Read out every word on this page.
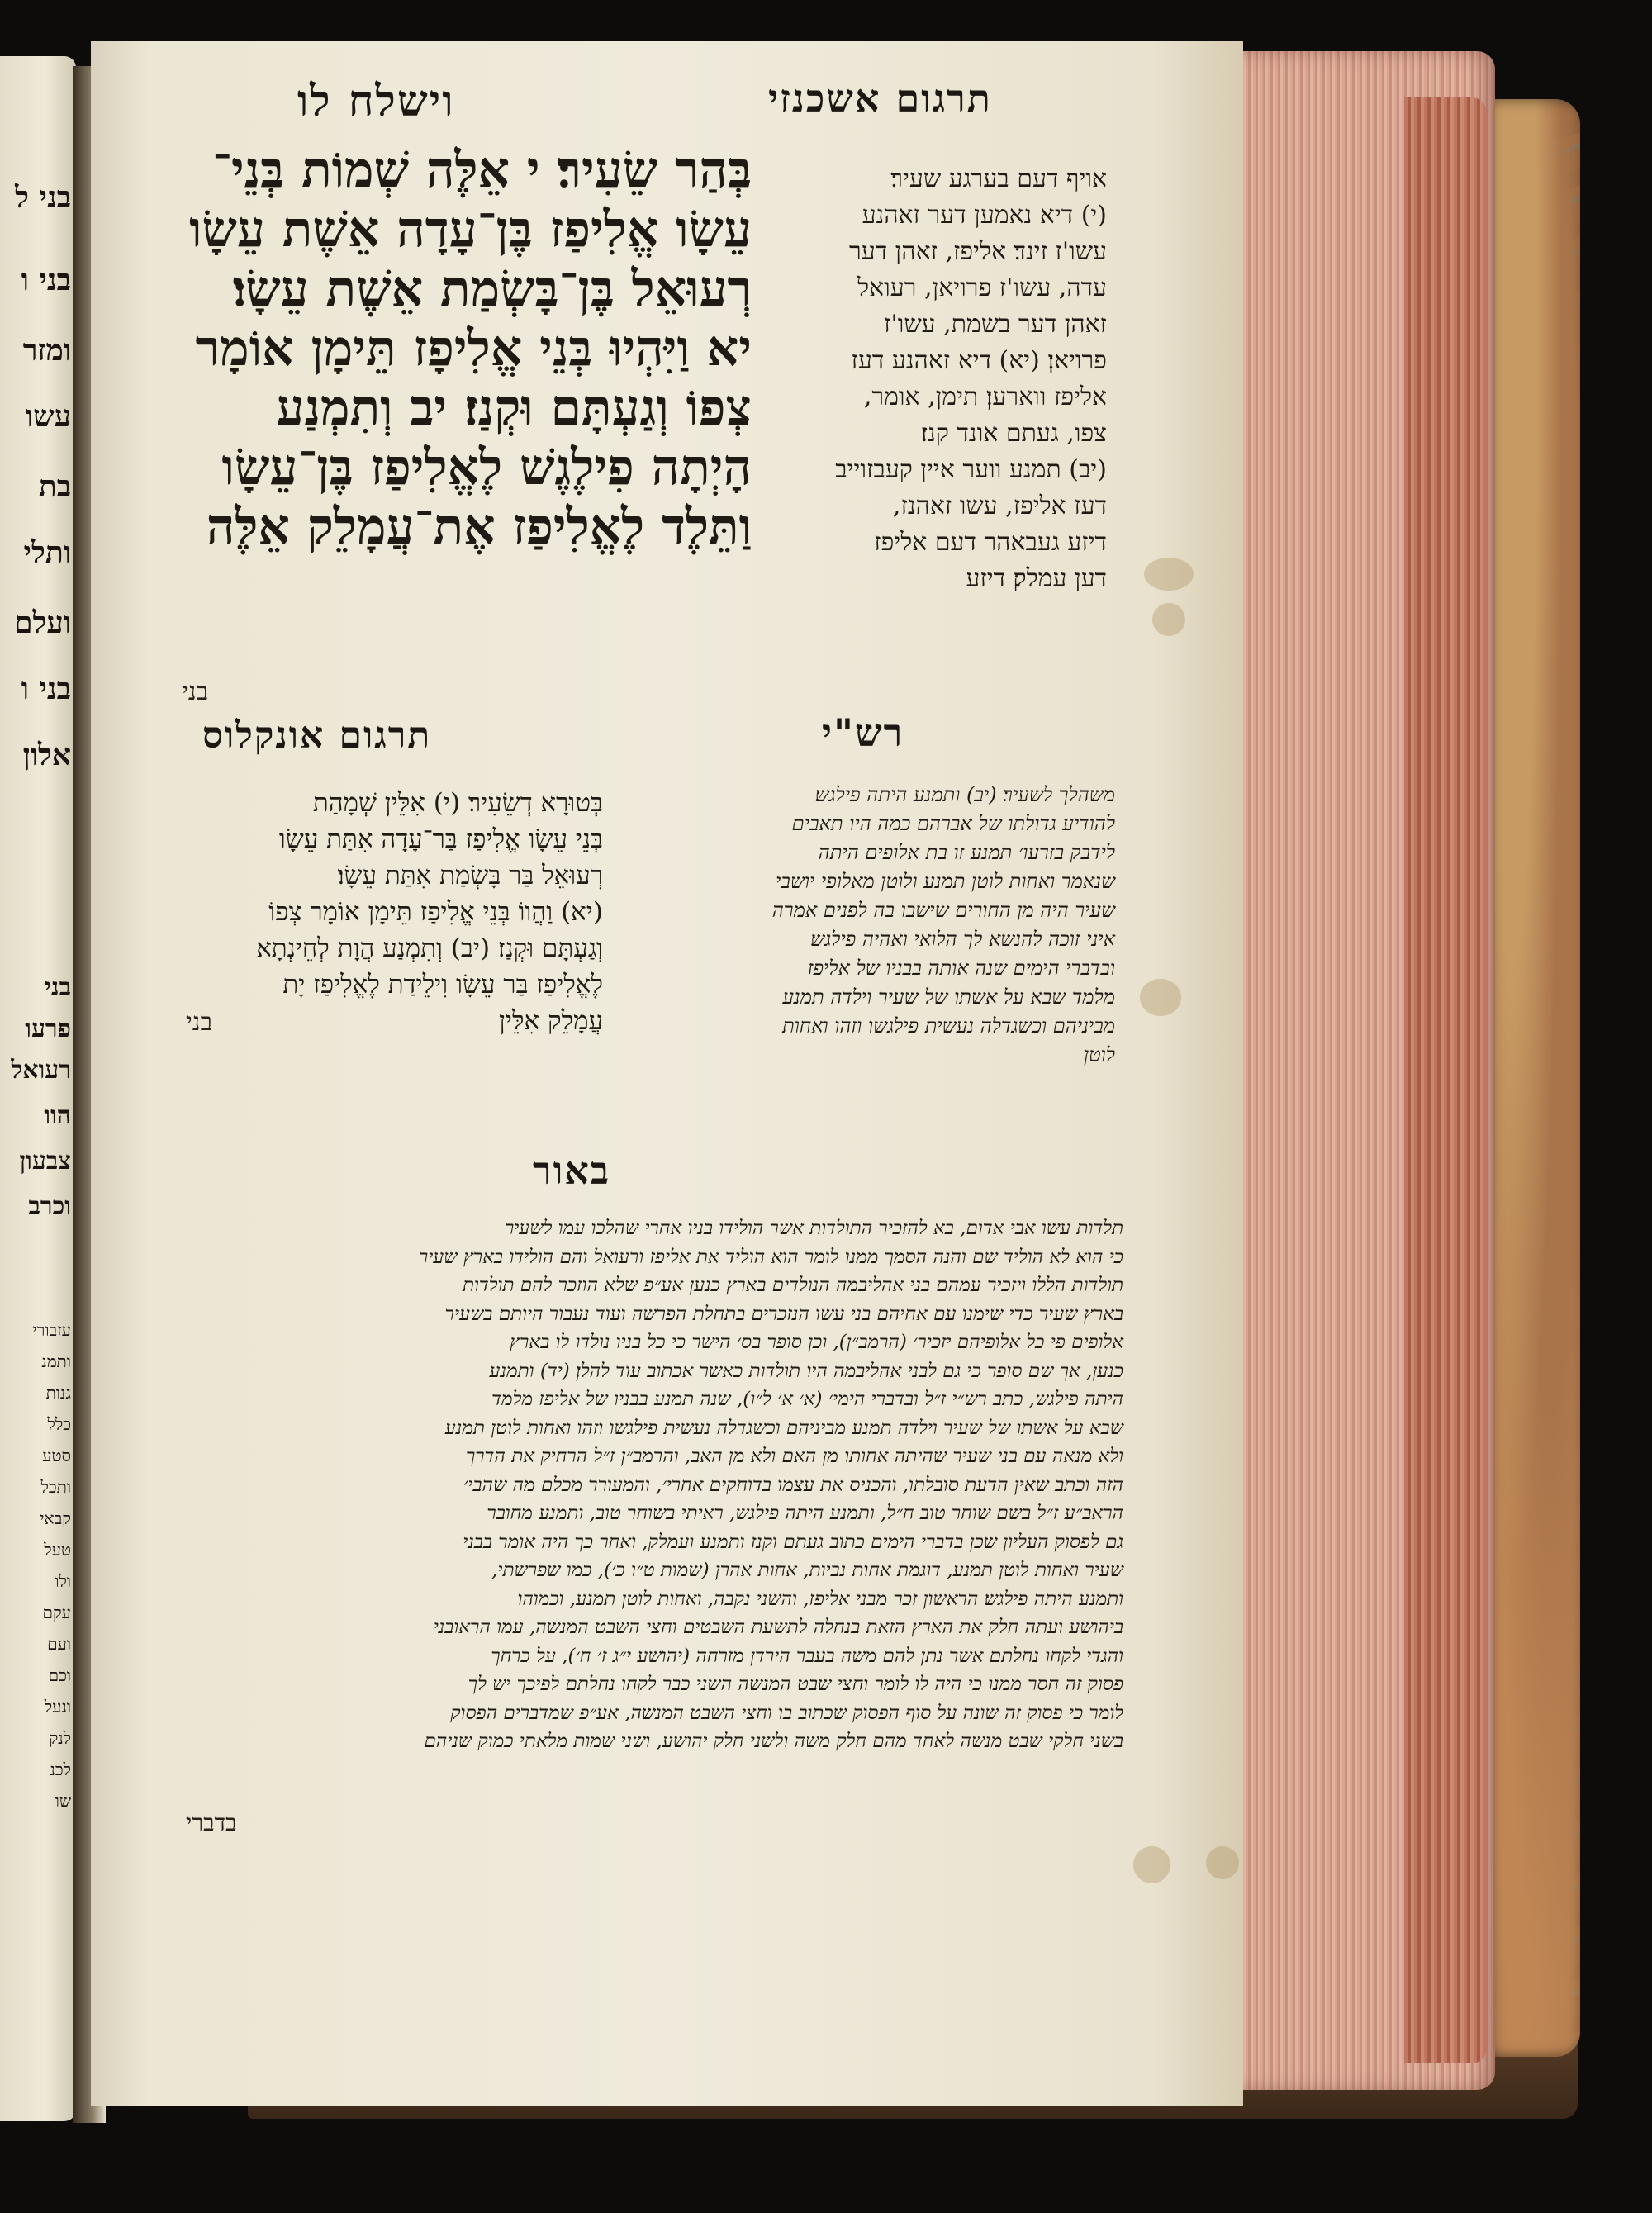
בני ל
בני ו
ומזר
עשו
בת
ותלי
ועלם
בני ו
אלון
בני
פרעו
רעואל
הוו
צבעון
וכרב
עזבורי
ותמנ
גנות
כלל
סטע
ותכל
קבאי
טעל
ולו
עקם
ועם
וכם
ונעל
לנק
לכנ
שו
וישלח לו	תרגום אשכנזי
בְּהַר שֵׂעִיר׃ י אֵלֶּה שְׁמוֹת בְּנֵי־
עֵשָׂו אֱלִיפַז בֶּן־עָדָה אֵשֶׁת עֵשָׂו
רְעוּאֵל בֶּן־בָּשְׂמַת אֵשֶׁת עֵשָׂו׃
יא וַיִּהְיוּ בְּנֵי אֱלִיפָז תֵּימָן אוֹמָר
צְפוֹ וְגַעְתָּם וּקְנַז׃ יב וְתִמְנַע
הָיְתָה פִילֶגֶשׁ לֶאֱלִיפַז בֶּן־עֵשָׂו
וַתֵּלֶד לֶאֱלִיפַז אֶת־עֲמָלֵק אֵלֶּה
בני
אויף דעם בערגע שעיר׃
(י) דיא נאמען דער זאהנע
עשו'ז זינד׃ אליפז, זאהן דער
עדה, עשו'ז פרויאן, רעואל
זאהן דער בשמת, עשו'ז
פרויאן׃ (יא) דיא זאהנע דעז
אליפז ווארען׃ תימן, אומר,
צפו, געתם אונד קנז׃
(יב) תמנע ווער איין קעבזוייב
דעז אליפז, עשו זאהנז,
דיזע געבאהר דעם אליפז
דען עמלק׃ דיזע
רש"י
משהלך לשעיר׃ (יב) ותמנע היתה פילגש׃
להודיע גדולתו של אברהם כמה היו תאבים
לידבק בזרעו׳ תמנע זו בת אלופים היתה
שנאמר ואחות לוטן תמנע ולוטן מאלופי יושבי
שעיר היה מן החורים שישבו בה לפנים אמרה
איני זוכה להנשא לך הלואי ואהיה פילגש׃
ובדברי הימים שנה אותה בבניו של אליפז
מלמד שבא על אשתו של שעיר וילדה תמנע
מביניהם וכשגדלה נעשית פילגשו וזהו ואחות
לוטן
תרגום אונקלוס
בְּטוּרָא דְשֵׂעִיר׃ (י) אִלֵּין שְׁמָהַת
בְּנֵי עֵשָׂו אֱלִיפַז בַּר־עָדָה אִתַּת עֵשָׂו
רְעוּאֵל בַּר בָּשְׂמַת אִתַּת עֵשָׂו׃
(יא) וַהֲווֹ בְּנֵי אֱלִיפַז תֵּימָן אוֹמָר צְפוֹ
וְגַעְתָּם וּקְנַז׃ (יב) וְתִמְנַע הֲוָת לְחֵינְתָא
לֶאֱלִיפַז בַּר עֵשָׂו וִילֵידַת לֶאֱלִיפַז יָת
עֲמָלֵק אִלֵּין
בני
באור
תלדות עשו אבי אדום, בא להזכיר התולדות אשר הולידו בניו אחרי שהלכו עמו לשעיר
כי הוא לא הוליד שם והנה הסמך ממנו לומר הוא הוליד את אליפז ורעואל והם הולידו בארץ שעיר
תולדות הללו ויזכיר עמהם בני אהליבמה הנולדים בארץ כנען אע״פ שלא הוזכר להם תולדות
בארץ שעיר כדי שימנו עם אחיהם בני עשו הנזכרים בתחלת הפרשה ועוד נעבור היותם בשעיר
אלופים פי כל אלופיהם יזכיר׳ (הרמב״ן), וכן סופר בס׳ הישר כי כל בניו נולדו לו בארץ
כנען, אך שם סופר כי גם לבני אהליבמה היו תולדות כאשר אכתוב עוד להלן׃ (יד) ותמנע
היתה פילגש, כתב רש״י ז״ל ובדברי הימי׳ (א׳ א׳ ל״ו), שנה תמנע בבניו של אליפז מלמד
שבא על אשתו של שעיר וילדה תמנע מביניהם וכשגדלה נעשית פילגשו וזהו ואחות לוטן תמנע
ולא מנאה עם בני שעיר שהיתה אחותו מן האם ולא מן האב, והרמב״ן ז״ל הרחיק את הדרך
הזה וכתב שאין הדעת סובלתו, והכניס את עצמו בדוחקים אחרי׳, והמעורר מכלם מה שהבי׳
הראב״ע ז״ל בשם שוחר טוב ח״ל, ותמנע היתה פילגש, ראיתי בשוחר טוב, ותמנע מחובר
גם לפסוק העליון שכן בדברי הימים כתוב געתם וקנז ותמנע ועמלק, ואחר כך היה אומר בבני
שעיר ואחות לוטן תמנע, דוגמת אחות נביות, אחות אהרן (שמות ט״ו כ׳), כמו שפרשתי,
ותמנע היתה פילגש׃ הראשון זכר מבני אליפז, והשני נקבה, ואחות לוטן תמנע, וכמוהו
ביהושע ועתה חלק את הארץ הזאת בנחלה לתשעת השבטים וחצי השבט המנשה, עמו הראובני
והגדי לקחו נחלתם אשר נתן להם משה בעבר הירדן מזרחה (יהושע י״ג ז׳ ח׳), על כרחך
פסוק זה חסר ממנו כי היה לו לומר וחצי שבט המנשה השני כבר לקחו נחלתם לפיכך יש לך
לומר כי פסוק זה שונה על סוף הפסוק שכתוב בו וחצי השבט המנשה, אע״פ שמדברים הפסוק
בשני חלקי שבט מנשה לאחד מהם חלק משה ולשני חלק יהושע, ושני שמות מלאתי כמוק שניהם
בדברי
